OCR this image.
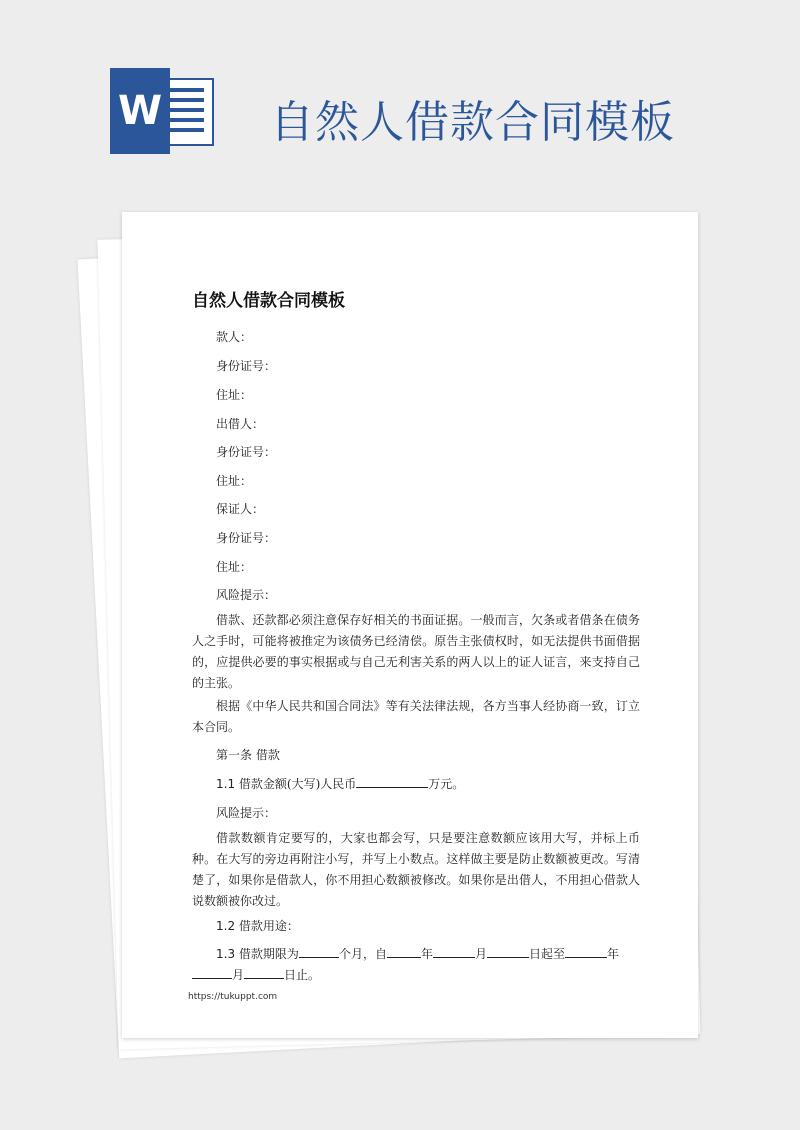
W 自然人借款合同模板
自然人借款合同模板
款人：
身份证号：
住址：
出借人：
身份证号：
住址：
保证人：
身份证号：
住址：
风险提示：
借款、还款都必须注意保存好相关的书面证据。一般而言，欠条或者借条在债务人之手时，可能将被推定为该债务已经清偿。原告主张债权时，如无法提供书面借据的，应提供必要的事实根据或与自己无利害关系的两人以上的证人证言，来支持自己的主张。
根据《中华人民共和国合同法》等有关法律法规，各方当事人经协商一致，订立本合同。
第一条 借款
1.1 借款金额(大写)人民币	万元。
风险提示：
借款数额肯定要写的，大家也都会写，只是要注意数额应该用大写，并标上币种。在大写的旁边再附注小写，并写上小数点。这样做主要是防止数额被更改。写清楚了，如果你是借款人，你不用担心数额被修改。如果你是出借人，不用担心借款人说数额被你改过。
1.2 借款用途：
1.3 借款期限为	个月，自	年	月	日起至	年
月	日止。
https://tukuppt.com
